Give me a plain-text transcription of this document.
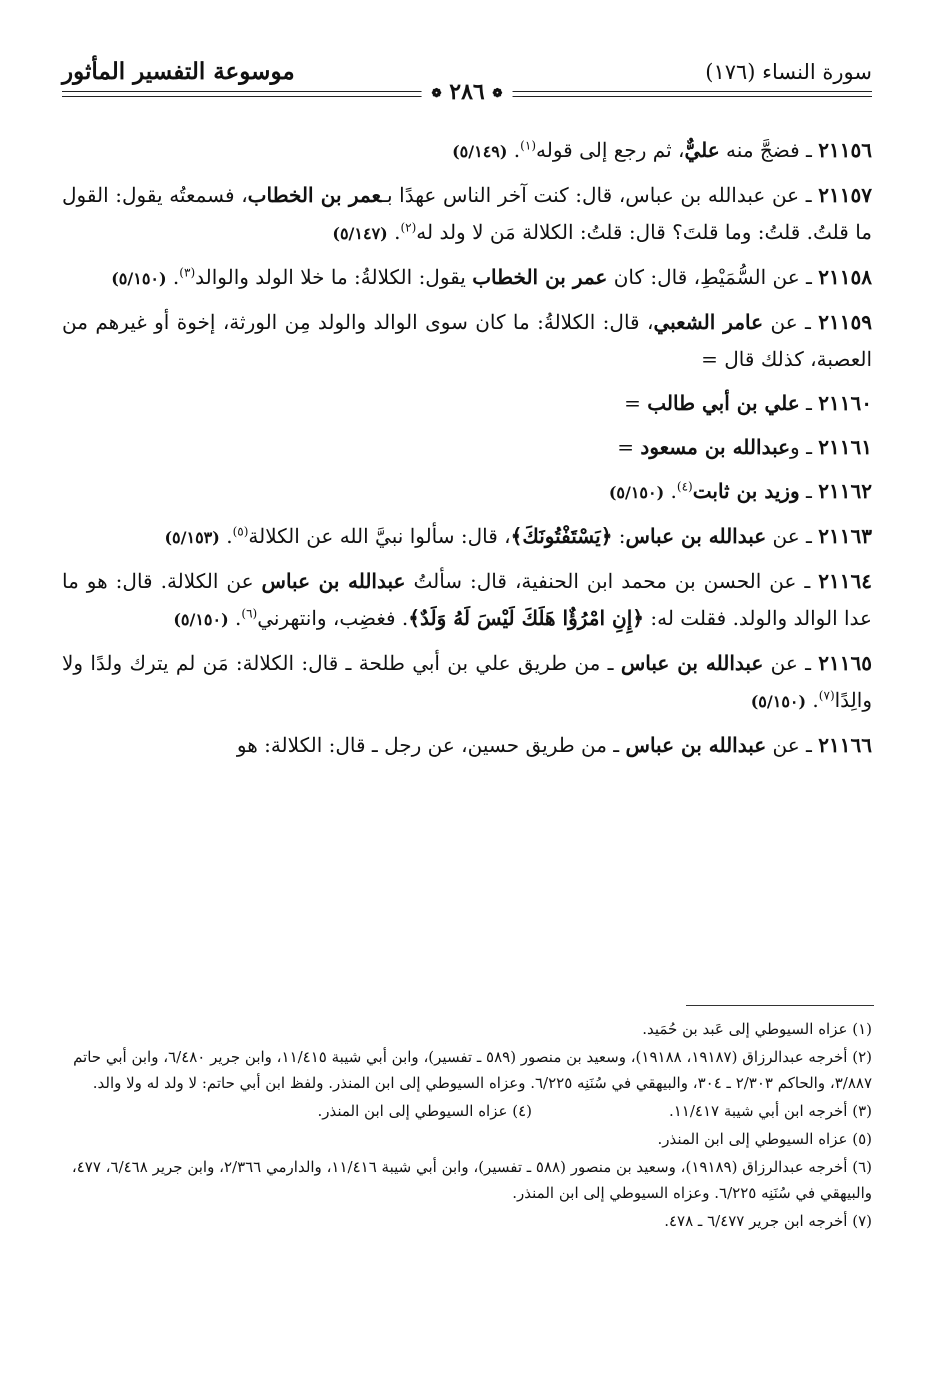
سورة النساء (١٧٦)
موسوعة التفسير المأثور
❁ ٢٨٦ ❁

٢١١٥٦ ـ فضجَّ منه عليٌّ، ثم رجع إلى قوله$^{(١)}$. (٥/١٤٩)

٢١١٥٧ ـ عن عبدالله بن عباس، قال: كنت آخر الناس عهدًا بـعمر بن الخطاب، فسمعتُه يقول: القول ما قلتُ. قلتُ: وما قلتَ؟ قال: قلتُ: الكلالة مَن لا ولد له$^{(٢)}$. (٥/١٤٧)

٢١١٥٨ ـ عن السُّمَيْطِ، قال: كان عمر بن الخطاب يقول: الكلالةُ: ما خلا الولد والوالد$^{(٣)}$. (٥/١٥٠)

٢١١٥٩ ـ عن عامر الشعبي، قال: الكلالةُ: ما كان سوى الوالد والولد مِن الورثة، إخوة أو غيرهم من العصبة، كذلك قال =

٢١١٦٠ ـ علي بن أبي طالب =

٢١١٦١ ـ وعبدالله بن مسعود =

٢١١٦٢ ـ وزيد بن ثابت$^{(٤)}$. (٥/١٥٠)

٢١١٦٣ ـ عن عبدالله بن عباس: ﴿يَسْتَفْتُونَكَ﴾، قال: سألوا نبيَّ الله عن الكلالة$^{(٥)}$. (٥/١٥٣)

٢١١٦٤ ـ عن الحسن بن محمد ابن الحنفية، قال: سألتُ عبدالله بن عباس عن الكلالة. قال: هو ما عدا الوالد والولد. فقلت له: ﴿إِنِ امْرُؤٌا هَلَكَ لَيْسَ لَهُ وَلَدٌ﴾. فغضِب، وانتهرني$^{(٦)}$. (٥/١٥٠)

٢١١٦٥ ـ عن عبدالله بن عباس ـ من طريق علي بن أبي طلحة ـ قال: الكلالة: مَن لم يترك ولدًا ولا والِدًا$^{(٧)}$. (٥/١٥٠)

٢١١٦٦ ـ عن عبدالله بن عباس ـ من طريق حسين، عن رجل ـ قال: الكلالة: هو

(١) عزاه السيوطي إلى عَبد بن حُمَيد.

(٢) أخرجه عبدالرزاق (١٩١٨٧، ١٩١٨٨)، وسعيد بن منصور (٥٨٩ ـ تفسير)، وابن أبي شيبة ١١/٤١٥، وابن جرير ٦/٤٨٠، وابن أبي حاتم ٣/٨٨٧، والحاكم ٢/٣٠٣ ـ ٣٠٤، والبيهقي في سُنَنِه ٦/٢٢٥. وعزاه السيوطي إلى ابن المنذر. ولفظ ابن أبي حاتم: لا ولد له ولا والد.

(٣) أخرجه ابن أبي شيبة ١١/٤١٧.

(٤) عزاه السيوطي إلى ابن المنذر.

(٥) عزاه السيوطي إلى ابن المنذر.

(٦) أخرجه عبدالرزاق (١٩١٨٩)، وسعيد بن منصور (٥٨٨ ـ تفسير)، وابن أبي شيبة ١١/٤١٦، والدارمي ٢/٣٦٦، وابن جرير ٦/٤٦٨، ٤٧٧، والبيهقي في سُنَنِه ٦/٢٢٥. وعزاه السيوطي إلى ابن المنذر.

(٧) أخرجه ابن جرير ٦/٤٧٧ ـ ٤٧٨.
